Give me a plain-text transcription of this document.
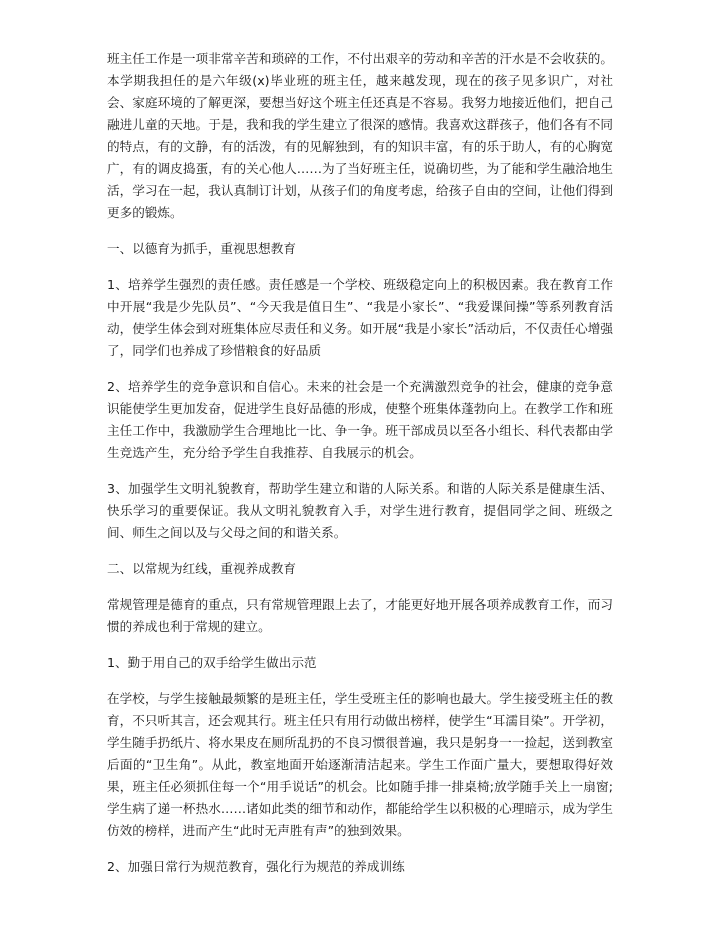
班主任工作是一项非常辛苦和琐碎的工作，不付出艰辛的劳动和辛苦的汗水是不会收获的。本学期我担任的是六年级(x)毕业班的班主任，越来越发现，现在的孩子见多识广，对社会、家庭环境的了解更深，要想当好这个班主任还真是不容易。我努力地接近他们，把自己融进儿童的天地。于是，我和我的学生建立了很深的感情。我喜欢这群孩子，他们各有不同的特点，有的文静，有的活泼，有的见解独到，有的知识丰富，有的乐于助人，有的心胸宽广，有的调皮捣蛋，有的关心他人……为了当好班主任，说确切些，为了能和学生融洽地生活，学习在一起，我认真制订计划，从孩子们的角度考虑，给孩子自由的空间，让他们得到更多的锻炼。

一、以德育为抓手，重视思想教育

1、培养学生强烈的责任感。责任感是一个学校、班级稳定向上的积极因素。我在教育工作中开展“我是少先队员”、“今天我是值日生”、“我是小家长”、“我爱课间操”等系列教育活动，使学生体会到对班集体应尽责任和义务。如开展“我是小家长”活动后，不仅责任心增强了，同学们也养成了珍惜粮食的好品质

2、培养学生的竞争意识和自信心。未来的社会是一个充满激烈竞争的社会，健康的竞争意识能使学生更加发奋，促进学生良好品德的形成，使整个班集体蓬勃向上。在教学工作和班主任工作中，我激励学生合理地比一比、争一争。班干部成员以至各小组长、科代表都由学生竞选产生，充分给予学生自我推荐、自我展示的机会。

3、加强学生文明礼貌教育，帮助学生建立和谐的人际关系。和谐的人际关系是健康生活、快乐学习的重要保证。我从文明礼貌教育入手，对学生进行教育，提倡同学之间、班级之间、师生之间以及与父母之间的和谐关系。

二、以常规为红线，重视养成教育

常规管理是德育的重点，只有常规管理跟上去了，才能更好地开展各项养成教育工作，而习惯的养成也利于常规的建立。

1、勤于用自己的双手给学生做出示范

在学校，与学生接触最频繁的是班主任，学生受班主任的影响也最大。学生接受班主任的教育，不只听其言，还会观其行。班主任只有用行动做出榜样，使学生“耳濡目染”。开学初，学生随手扔纸片、将水果皮在厕所乱扔的不良习惯很普遍，我只是躬身一一捡起，送到教室后面的“卫生角”。从此，教室地面开始逐渐清洁起来。学生工作面广量大，要想取得好效果，班主任必须抓住每一个“用手说话”的机会。比如随手排一排桌椅;放学随手关上一扇窗;学生病了递一杯热水……诸如此类的细节和动作，都能给学生以积极的心理暗示，成为学生仿效的榜样，进而产生“此时无声胜有声”的独到效果。

2、加强日常行为规范教育，强化行为规范的养成训练
